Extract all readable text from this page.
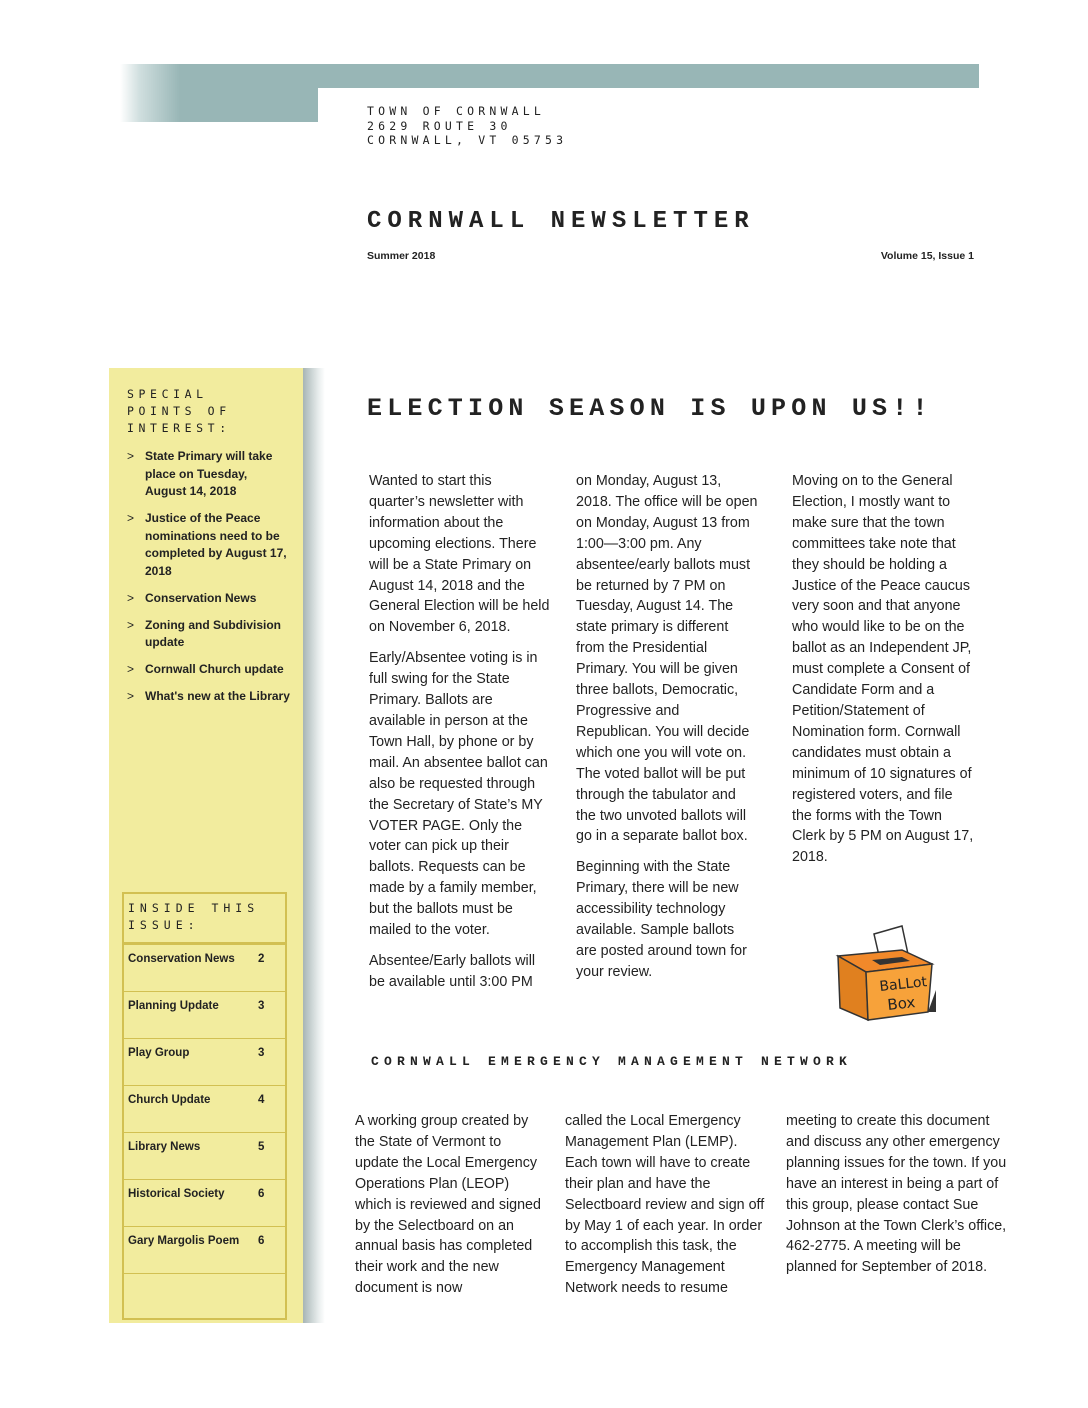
TOWN OF CORNWALL
2629 ROUTE 30
CORNWALL, VT 05753
CORNWALL NEWSLETTER
Summer 2018	Volume 15, Issue 1
SPECIAL
POINTS OF
INTEREST:
> State Primary will take place on Tuesday, August 14, 2018
> Justice of the Peace nominations need to be completed by August 17, 2018
> Conservation News
> Zoning and Subdivision update
> Cornwall Church update
> What's new at the Library
INSIDE THIS
ISSUE:
Conservation News 2
Planning Update	3
Play Group	3
Church Update	4
Library News	5
Historical Society	6
Gary Margolis Poem 6
ELECTION SEASON IS UPON US!!

Wanted to start this quarter’s newsletter with information about the upcoming elections. There will be a State Primary on August 14, 2018 and the General Election will be held on November 6, 2018.

Early/Absentee voting is in full swing for the State Primary. Ballots are available in person at the Town Hall, by phone or by mail. An absentee ballot can also be requested through the Secretary of State’s MY VOTER PAGE. Only the voter can pick up their ballots. Requests can be made by a family member, but the ballots must be mailed to the voter.

Absentee/Early ballots will be available until 3:00 PM

on Monday, August 13, 2018. The office will be open on Monday, August 13 from 1:00—3:00 pm. Any absentee/early ballots must be returned by 7 PM on Tuesday, August 14. The state primary is different from the Presidential Primary. You will be given three ballots, Democratic, Progressive and Republican. You will decide which one you will vote on. The voted ballot will be put through the tabulator and the two unvoted ballots will go in a separate ballot box.

Beginning with the State Primary, there will be new accessibility technology available. Sample ballots are posted around town for your review.

Moving on to the General Election, I mostly want to make sure that the town committees take note that they should be holding a Justice of the Peace caucus very soon and that anyone who would like to be on the ballot as an Independent JP, must complete a Consent of Candidate Form and a Petition/Statement of Nomination form. Cornwall candidates must obtain a minimum of 10 signatures of registered voters, and file the forms with the Town Clerk by 5 PM on August 17, 2018.

BaLLot
Box
CORNWALL EMERGENCY MANAGEMENT NETWORK

A working group created by the State of Vermont to update the Local Emergency Operations Plan (LEOP) which is reviewed and signed by the Selectboard on an annual basis has completed their work and the new document is now

called the Local Emergency Management Plan (LEMP). Each town will have to create their plan and have the Selectboard review and sign off by May 1 of each year. In order to accomplish this task, the Emergency Management Network needs to resume

meeting to create this document and discuss any other emergency planning issues for the town. If you have an interest in being a part of this group, please contact Sue Johnson at the Town Clerk’s office, 462-2775. A meeting will be planned for September of 2018.
